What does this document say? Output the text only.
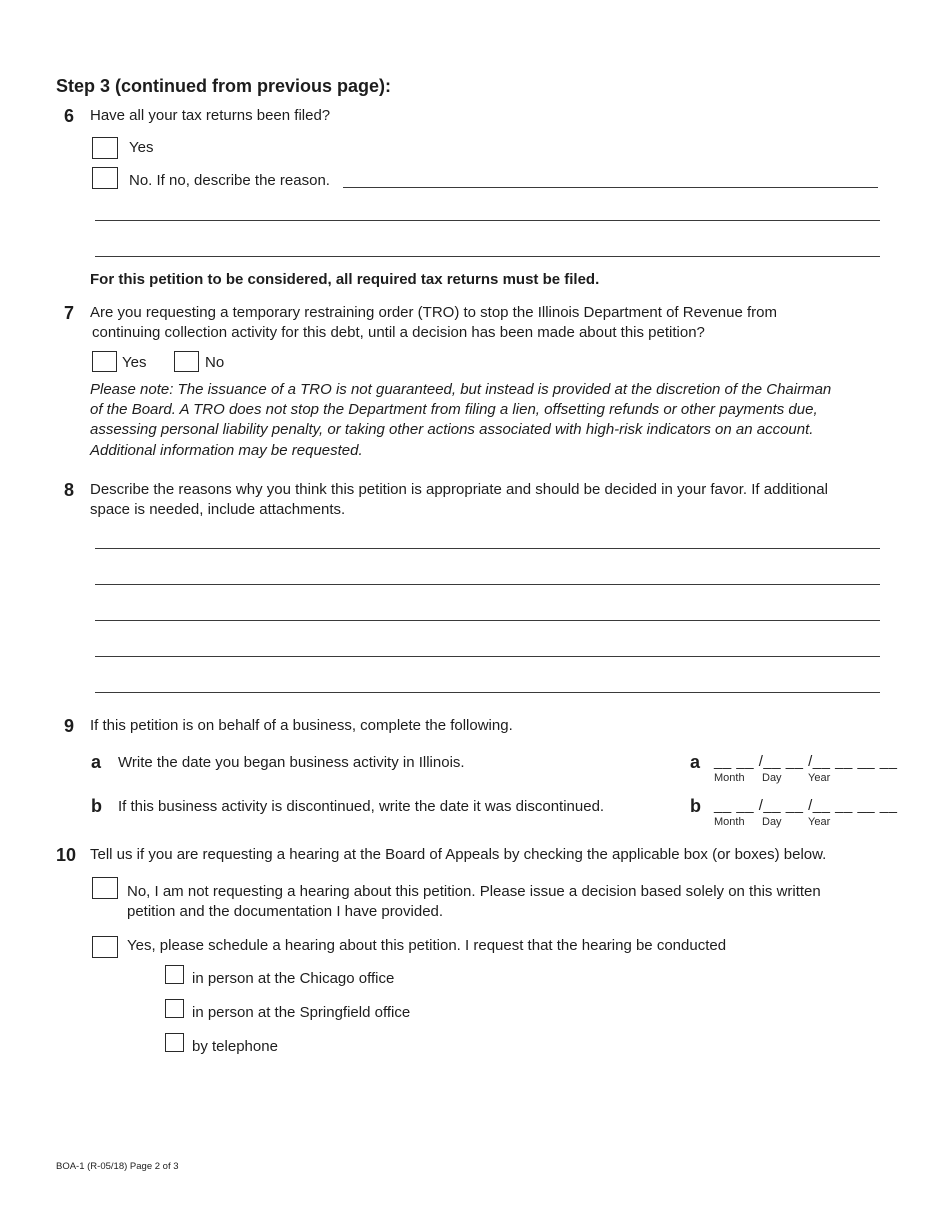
Step 3 (continued from previous page):
6 Have all your tax returns been filed?
Yes
No. If no, describe the reason.
For this petition to be considered, all required tax returns must be filed.
7 Are you requesting a temporary restraining order (TRO) to stop the Illinois Department of Revenue from
continuing collection activity for this debt, until a decision has been made about this petition?
Yes	No
Please note: The issuance of a TRO is not guaranteed, but instead is provided at the discretion of the Chairman
of the Board. A TRO does not stop the Department from filing a lien, offsetting refunds or other payments due,
assessing personal liability penalty, or taking other actions associated with high-risk indicators on an account.
Additional information may be requested.
8 Describe the reasons why you think this petition is appropriate and should be decided in your favor. If additional
space is needed, include attachments.
9 If this petition is on behalf of a business, complete the following.
a Write the date you began business activity in Illinois.	a __ __ /__ __ /__ __ __ __
Month Day Year
b If this business activity is discontinued, write the date it was discontinued.	b __ __ /__ __ /__ __ __ __
Month Day Year
10 Tell us if you are requesting a hearing at the Board of Appeals by checking the applicable box (or boxes) below.
No, I am not requesting a hearing about this petition. Please issue a decision based solely on this written
petition and the documentation I have provided.
Yes, please schedule a hearing about this petition. I request that the hearing be conducted
in person at the Chicago office
in person at the Springfield office
by telephone
BOA-1 (R-05/18) Page 2 of 3
